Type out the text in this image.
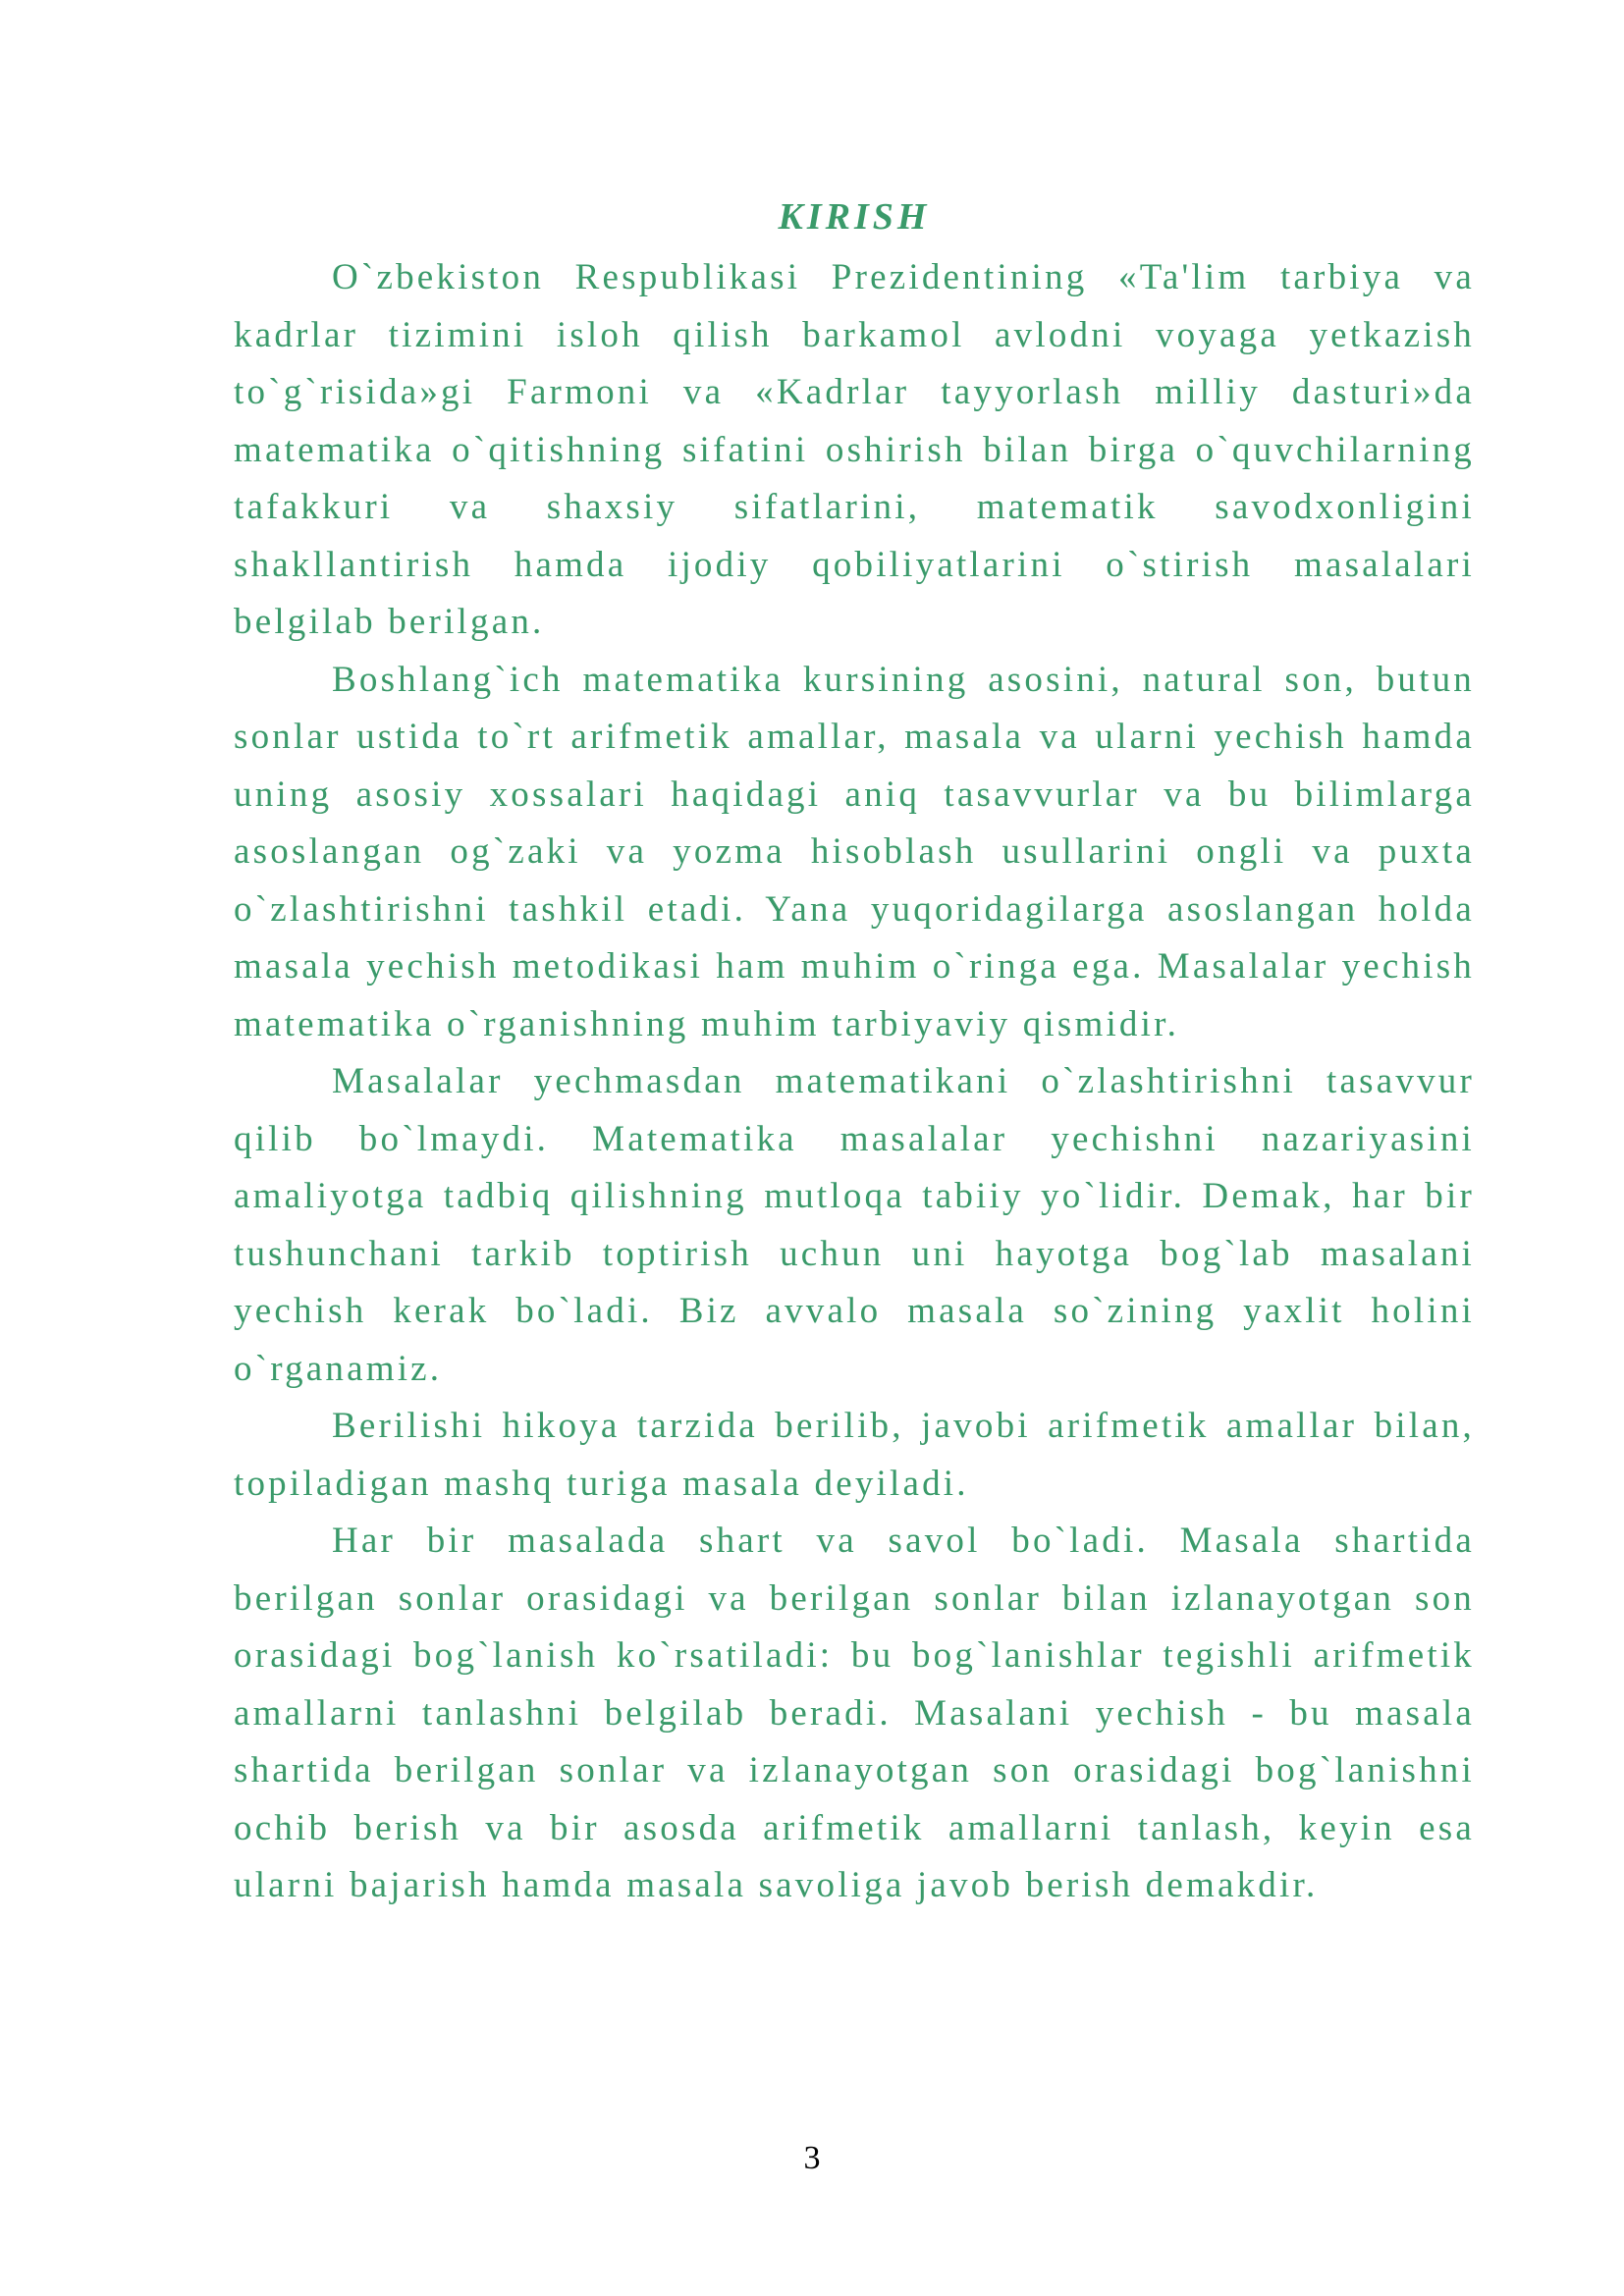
KIRISH

O`zbekiston Respublikasi Prezidentining «Ta'lim tarbiya va kadrlar tizimini isloh qilish barkamol avlodni voyaga yetkazish to`g`risida»gi Farmoni va «Kadrlar tayyorlash milliy dasturi»da matematika o`qitishning sifatini oshirish bilan birga o`quvchilarning tafakkuri va shaxsiy sifatlarini, matematik savodxonligini shakllantirish hamda ijodiy qobiliyatlarini o`stirish masalalari belgilab berilgan.

Boshlang`ich matematika kursining asosini, natural son, butun sonlar ustida to`rt arifmetik amallar, masala va ularni yechish hamda uning asosiy xossalari haqidagi aniq tasavvurlar va bu bilimlarga asoslangan og`zaki va yozma hisoblash usullarini ongli va puxta o`zlashtirishni tashkil etadi. Yana yuqoridagilarga asoslangan holda masala yechish metodikasi ham muhim o`ringa ega. Masalalar yechish matematika o`rganishning muhim tarbiyaviy qismidir.

Masalalar yechmasdan matematikani o`zlashtirishni tasavvur qilib bo`lmaydi. Matematika masalalar yechishni nazariyasini amaliyotga tadbiq qilishning mutloqa tabiiy yo`lidir. Demak, har bir tushunchani tarkib toptirish uchun uni hayotga bog`lab masalani yechish kerak bo`ladi. Biz avvalo masala so`zining yaxlit holini o`rganamiz.

Berilishi hikoya tarzida berilib, javobi arifmetik amallar bilan, topiladigan mashq turiga masala deyiladi.

Har bir masalada shart va savol bo`ladi. Masala shartida berilgan sonlar orasidagi va berilgan sonlar bilan izlanayotgan son orasidagi bog`lanish ko`rsatiladi: bu bog`lanishlar tegishli arifmetik amallarni tanlashni belgilab beradi. Masalani yechish - bu masala shartida berilgan sonlar va izlanayotgan son orasidagi bog`lanishni ochib berish va bir asosda arifmetik amallarni tanlash, keyin esa ularni bajarish hamda masala savoliga javob berish demakdir.

3
